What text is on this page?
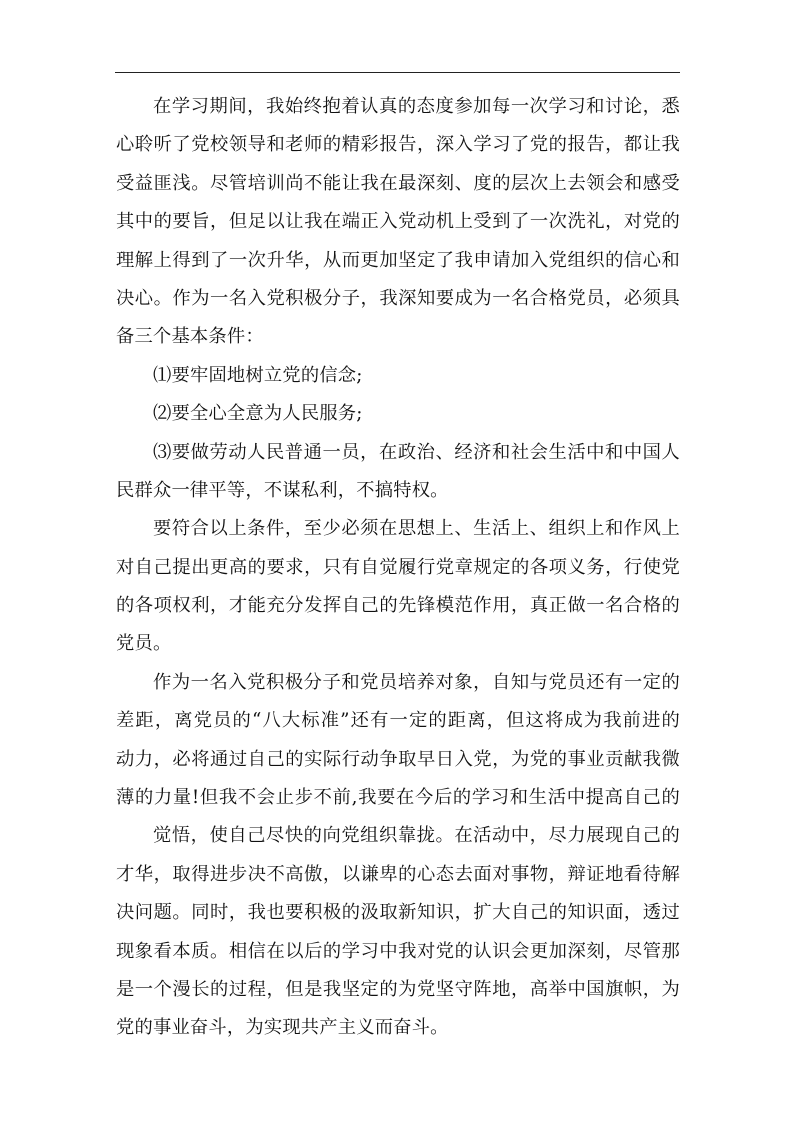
在学习期间，我始终抱着认真的态度参加每一次学习和讨论，悉
心聆听了党校领导和老师的精彩报告，深入学习了党的报告，都让我
受益匪浅。尽管培训尚不能让我在最深刻、度的层次上去领会和感受
其中的要旨，但足以让我在端正入党动机上受到了一次洗礼，对党的
理解上得到了一次升华，从而更加坚定了我申请加入党组织的信心和
决心。作为一名入党积极分子，我深知要成为一名合格党员，必须具
备三个基本条件：
⑴要牢固地树立党的信念;
⑵要全心全意为人民服务;
⑶要做劳动人民普通一员，在政治、经济和社会生活中和中国人
民群众一律平等，不谋私利，不搞特权。
要符合以上条件，至少必须在思想上、生活上、组织上和作风上
对自己提出更高的要求，只有自觉履行党章规定的各项义务，行使党
的各项权利，才能充分发挥自己的先锋模范作用，真正做一名合格的
党员。
作为一名入党积极分子和党员培养对象，自知与党员还有一定的
差距，离党员的“八大标准”还有一定的距离，但这将成为我前进的
动力，必将通过自己的实际行动争取早日入党，为党的事业贡献我微
薄的力量!但我不会止步不前,我要在今后的学习和生活中提高自己的
觉悟，使自己尽快的向党组织靠拢。在活动中，尽力展现自己的
才华，取得进步决不高傲，以谦卑的心态去面对事物，辩证地看待解
决问题。同时，我也要积极的汲取新知识，扩大自己的知识面，透过
现象看本质。相信在以后的学习中我对党的认识会更加深刻，尽管那
是一个漫长的过程，但是我坚定的为党坚守阵地，高举中国旗帜，为
党的事业奋斗，为实现共产主义而奋斗。
